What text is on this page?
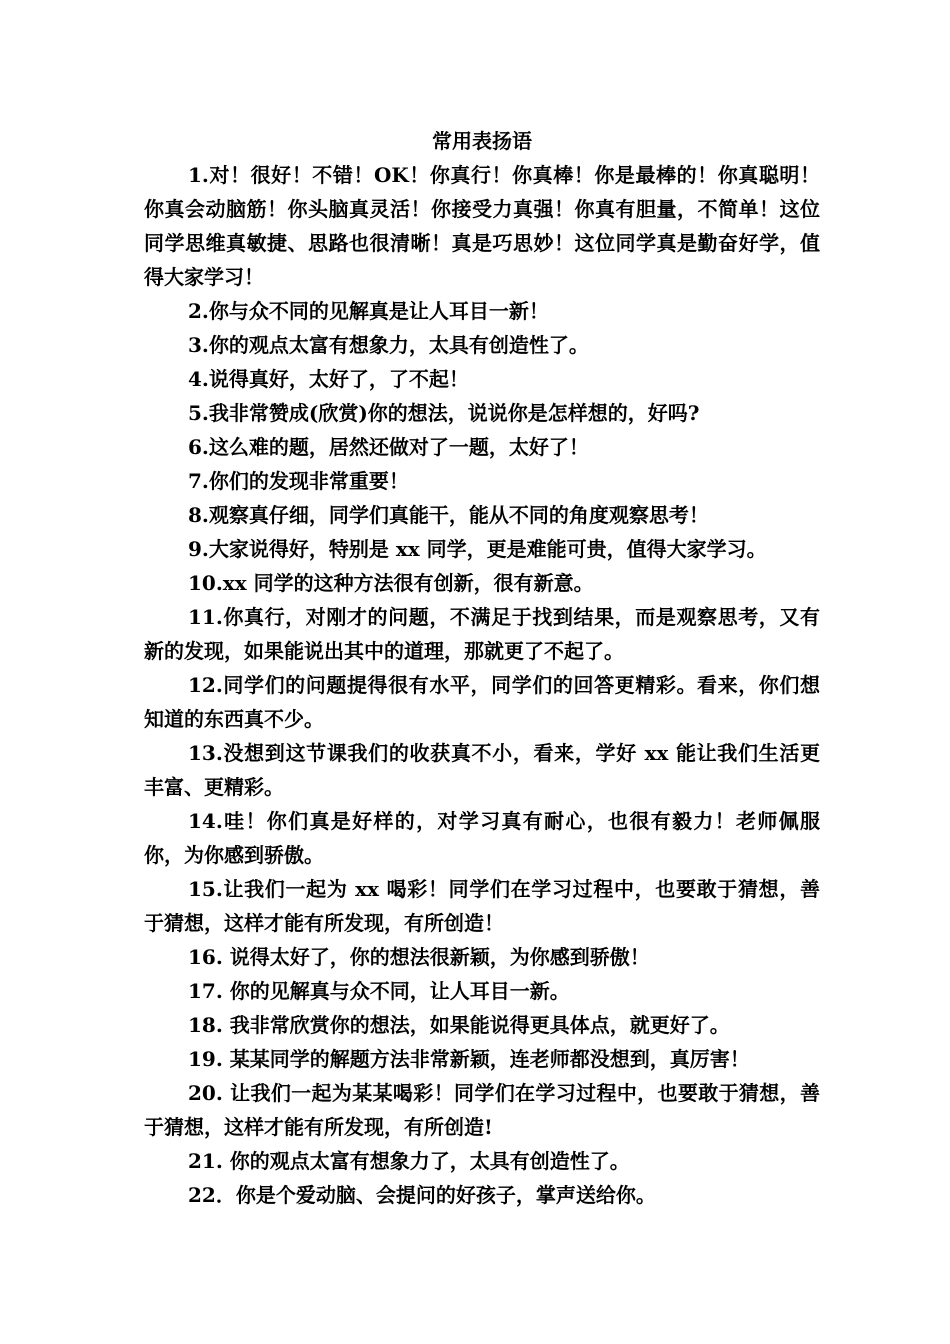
常用表扬语

1.对！很好！不错！OK！你真行！你真棒！你是最棒的！你真聪明！你真会动脑筋！你头脑真灵活！你接受力真强！你真有胆量，不简单！这位同学思维真敏捷、思路也很清晰！真是巧思妙！这位同学真是勤奋好学，值得大家学习！

2.你与众不同的见解真是让人耳目一新！

3.你的观点太富有想象力，太具有创造性了。

4.说得真好，太好了，了不起！

5.我非常赞成(欣赏)你的想法，说说你是怎样想的，好吗?

6.这么难的题，居然还做对了一题，太好了！

7.你们的发现非常重要！

8.观察真仔细，同学们真能干，能从不同的角度观察思考！

9.大家说得好，特别是 xx 同学，更是难能可贵，值得大家学习。

10.xx 同学的这种方法很有创新，很有新意。

11.你真行，对刚才的问题，不满足于找到结果，而是观察思考，又有新的发现，如果能说出其中的道理，那就更了不起了。

12.同学们的问题提得很有水平，同学们的回答更精彩。看来，你们想知道的东西真不少。

13.没想到这节课我们的收获真不小，看来，学好 xx 能让我们生活更丰富、更精彩。

14.哇！你们真是好样的，对学习真有耐心，也很有毅力！老师佩服你，为你感到骄傲。

15.让我们一起为 xx 喝彩！同学们在学习过程中，也要敢于猜想，善于猜想，这样才能有所发现，有所创造！

16. 说得太好了，你的想法很新颖，为你感到骄傲！

17. 你的见解真与众不同，让人耳目一新。

18. 我非常欣赏你的想法，如果能说得更具体点，就更好了。

19. 某某同学的解题方法非常新颖，连老师都没想到，真厉害！

20. 让我们一起为某某喝彩！同学们在学习过程中，也要敢于猜想，善于猜想，这样才能有所发现，有所创造!

21. 你的观点太富有想象力了，太具有创造性了。

22．你是个爱动脑、会提问的好孩子，掌声送给你。
